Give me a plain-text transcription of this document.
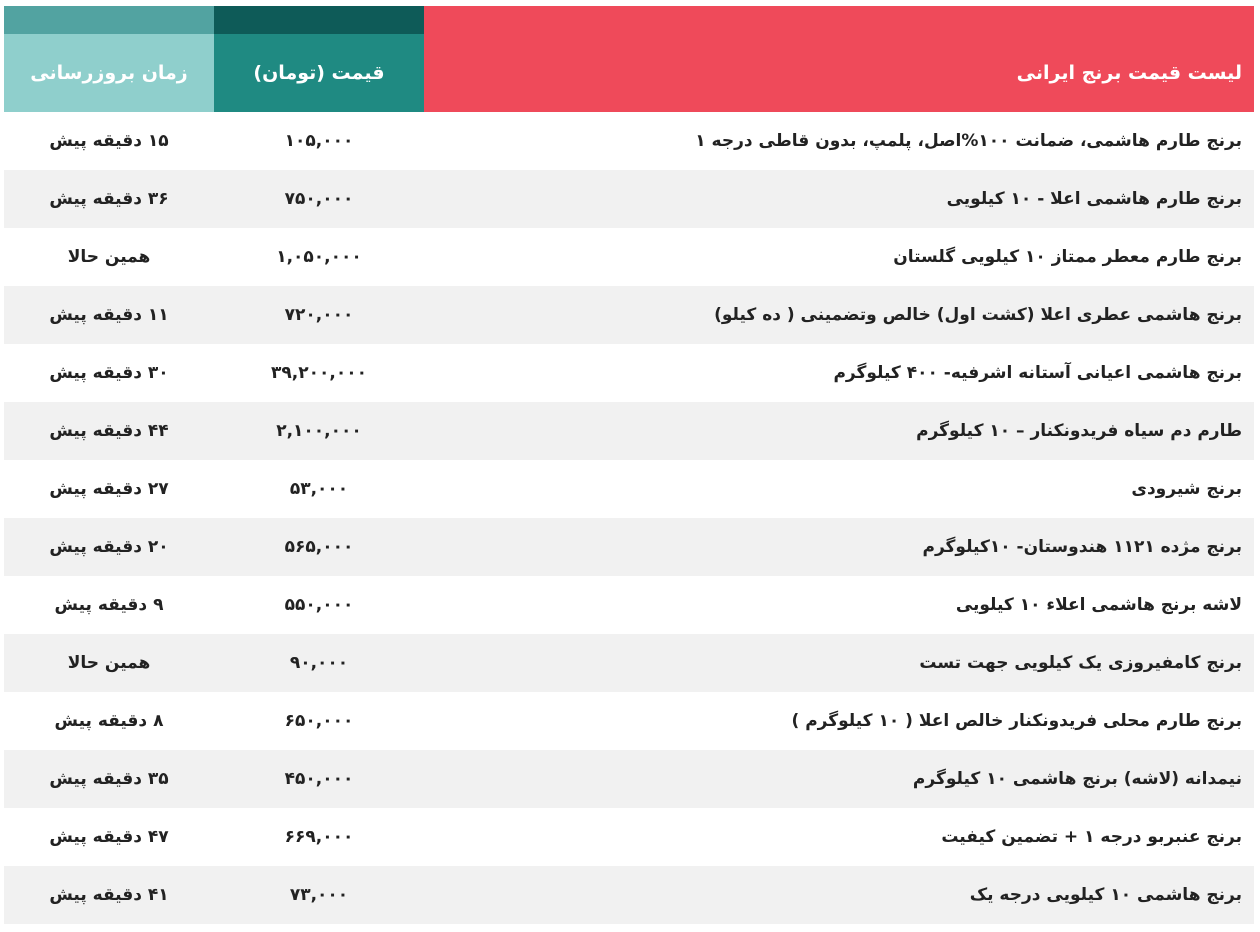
زمان بروزرسانی	قیمت (تومان)	لیست قیمت برنج ایرانی
۱۵ دقیقه پیش	۱۰۵,۰۰۰	برنج طارم هاشمی، ضمانت ۱۰۰%اصل، پلمپ، بدون قاطی درجه ۱
۳۶ دقیقه پیش	۷۵۰,۰۰۰	برنج طارم هاشمی اعلا - ۱۰ کیلویی
همین حالا	۱,۰۵۰,۰۰۰	برنج طارم معطر ممتاز ۱۰ کیلویی گلستان
۱۱ دقیقه پیش	۷۲۰,۰۰۰	برنج هاشمی عطری اعلا (کشت اول) خالص وتضمینی ( ده کیلو)
۳۰ دقیقه پیش	۳۹,۲۰۰,۰۰۰	برنج هاشمی اعیانی آستانه اشرفیه- ۴۰۰ کیلوگرم
۴۴ دقیقه پیش	۲,۱۰۰,۰۰۰	طارم دم سیاه فریدونکنار – ۱۰ کیلوگرم
۲۷ دقیقه پیش	۵۳,۰۰۰	برنج شیرودی
۲۰ دقیقه پیش	۵۶۵,۰۰۰	برنج مژده ۱۱۲۱ هندوستان- ۱۰کیلوگرم
۹ دقیقه پیش	۵۵۰,۰۰۰	لاشه برنج هاشمی اعلاء ۱۰ کیلویی
همین حالا	۹۰,۰۰۰	برنج کامفیروزی یک کیلویی جهت تست
۸ دقیقه پیش	۶۵۰,۰۰۰	برنج طارم محلی فریدونکنار خالص اعلا ( ۱۰ کیلوگرم )
۳۵ دقیقه پیش	۴۵۰,۰۰۰	نیمدانه (لاشه) برنج هاشمی ۱۰ کیلوگرم
۴۷ دقیقه پیش	۶۶۹,۰۰۰	برنج عنبربو درجه ۱ + تضمین کیفیت
۴۱ دقیقه پیش	۷۳,۰۰۰	برنج هاشمی ۱۰ کیلویی درجه یک
